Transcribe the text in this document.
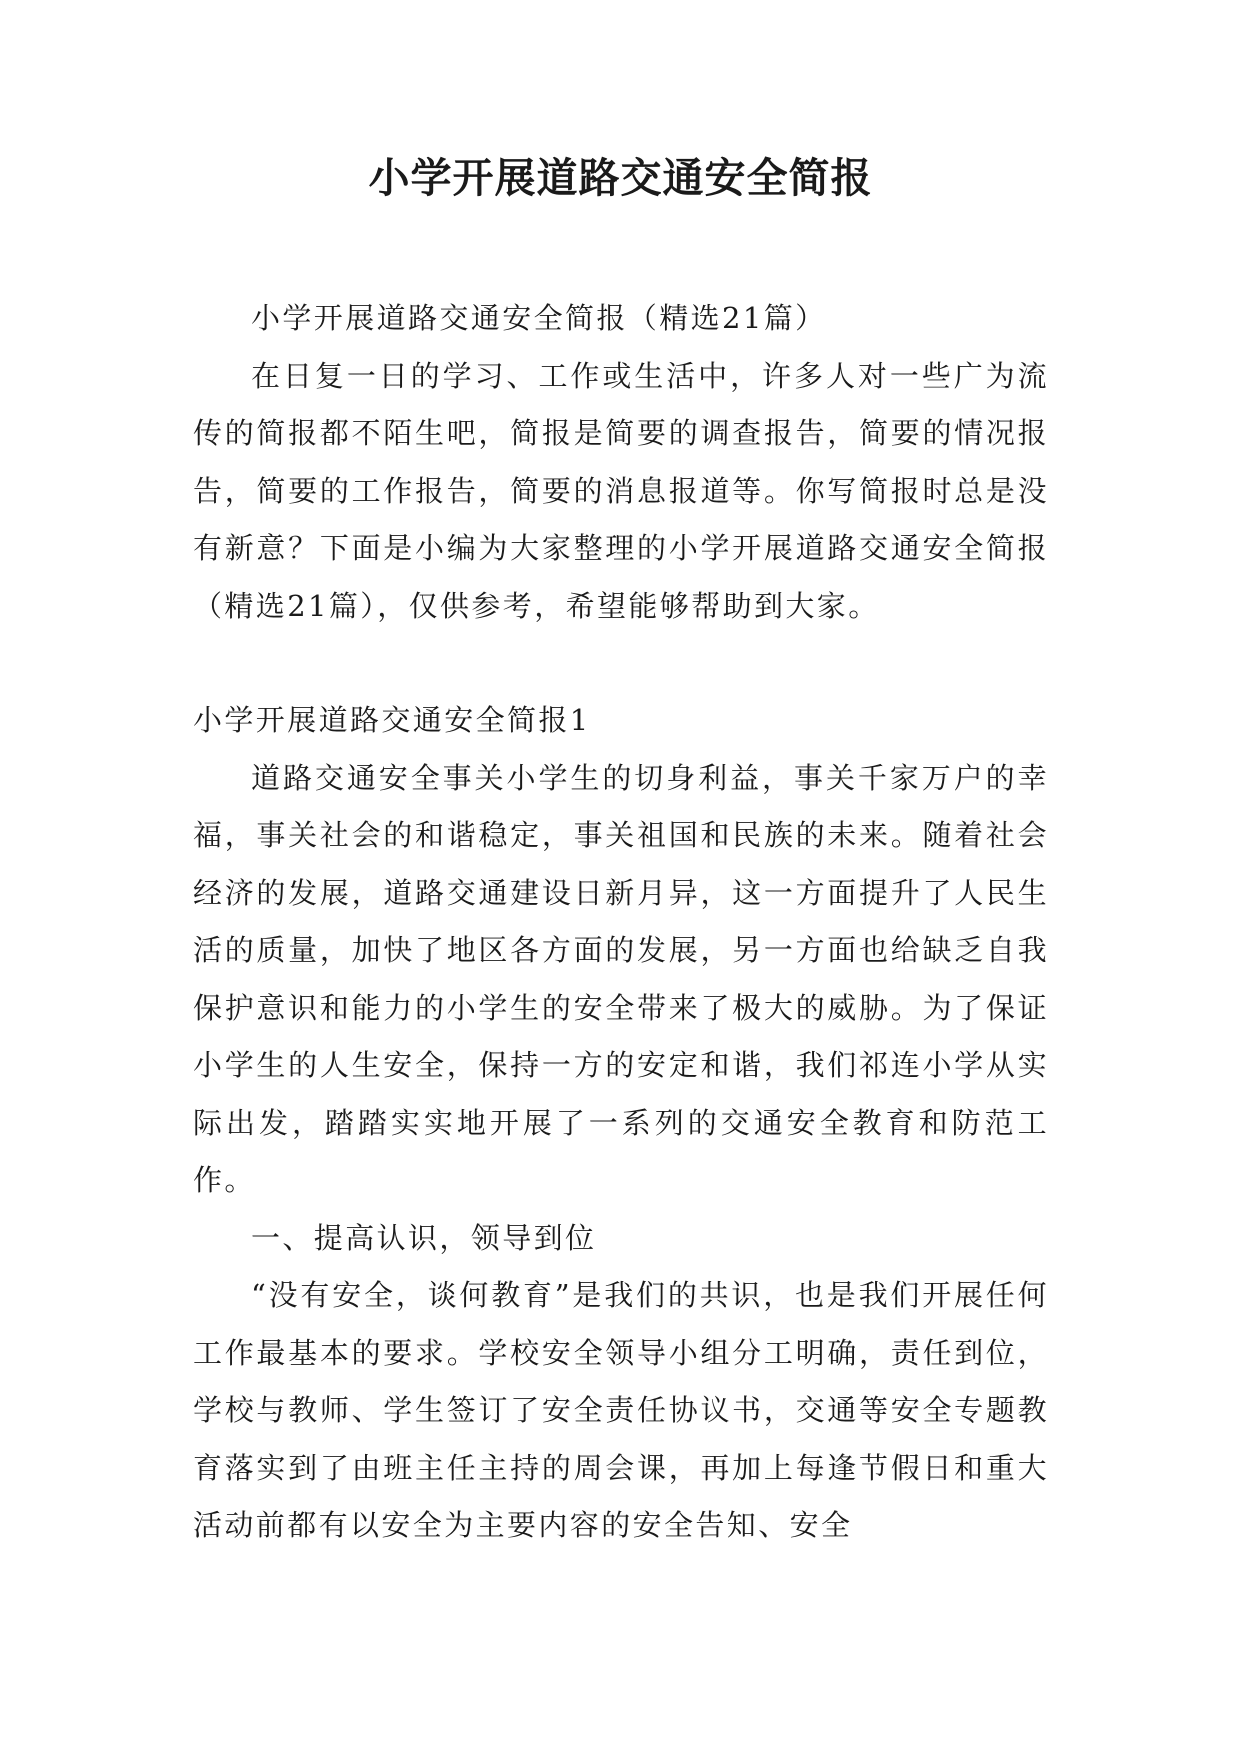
小学开展道路交通安全简报

小学开展道路交通安全简报（精选21篇）

在日复一日的学习、工作或生活中，许多人对一些广为流传的简报都不陌生吧，简报是简要的调查报告，简要的情况报告，简要的工作报告，简要的消息报道等。你写简报时总是没有新意？下面是小编为大家整理的小学开展道路交通安全简报（精选21篇），仅供参考，希望能够帮助到大家。

小学开展道路交通安全简报1

道路交通安全事关小学生的切身利益，事关千家万户的幸福，事关社会的和谐稳定，事关祖国和民族的未来。随着社会经济的发展，道路交通建设日新月异，这一方面提升了人民生活的质量，加快了地区各方面的发展，另一方面也给缺乏自我保护意识和能力的小学生的安全带来了极大的威胁。为了保证小学生的人生安全，保持一方的安定和谐，我们祁连小学从实际出发，踏踏实实地开展了一系列的交通安全教育和防范工作。

一、提高认识，领导到位

“没有安全，谈何教育”是我们的共识，也是我们开展任何工作最基本的要求。学校安全领导小组分工明确，责任到位，学校与教师、学生签订了安全责任协议书，交通等安全专题教育落实到了由班主任主持的周会课，再加上每逢节假日和重大活动前都有以安全为主要内容的安全告知、安全
